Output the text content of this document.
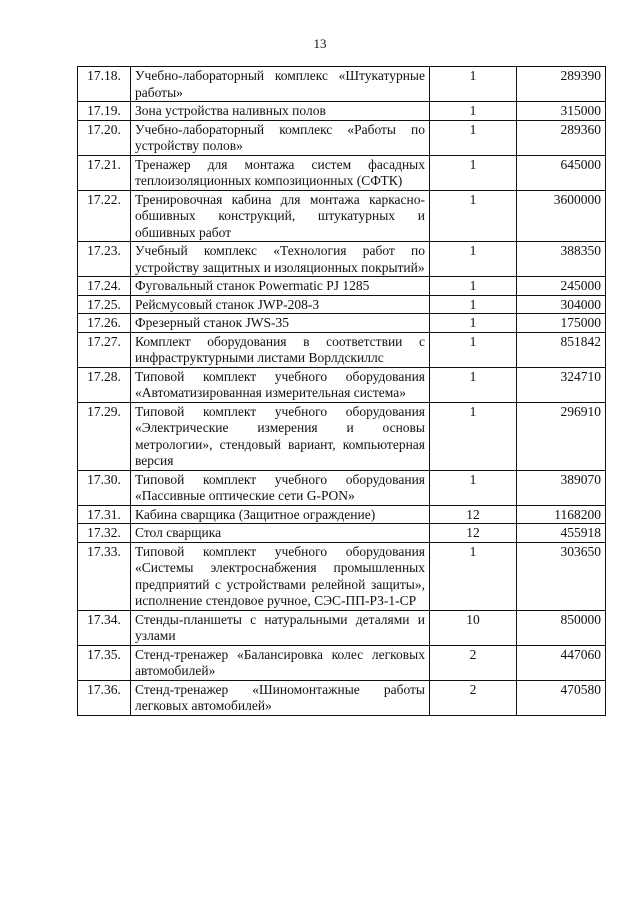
13
17.18.	Учебно-лабораторный комплекс «Штукатурные работы»	1	289390
17.19.	Зона устройства наливных полов	1	315000
17.20.	Учебно-лабораторный комплекс «Работы по устройству полов»	1	289360
17.21.	Тренажер для монтажа систем фасадных теплоизоляционных композиционных (СФТК)	1	645000
17.22.	Тренировочная кабина для монтажа каркасно-обшивных конструкций, штукатурных и обшивных работ	1	3600000
17.23.	Учебный комплекс «Технология работ по устройству защитных и изоляционных покрытий»	1	388350
17.24.	Фуговальный станок Powermatic PJ 1285	1	245000
17.25.	Рейсмусовый станок JWP-208-3	1	304000
17.26.	Фрезерный станок JWS-35	1	175000
17.27.	Комплект оборудования в соответствии с инфраструктурными листами Ворлдскиллс	1	851842
17.28.	Типовой комплект учебного оборудования «Автоматизированная измерительная система»	1	324710
17.29.	Типовой комплект учебного оборудования «Электрические измерения и основы метрологии», стендовый вариант, компьютерная версия	1	296910
17.30.	Типовой комплект учебного оборудования «Пассивные оптические сети G-PON»	1	389070
17.31.	Кабина сварщика (Защитное ограждение)	12	1168200
17.32.	Стол сварщика	12	455918
17.33.	Типовой комплект учебного оборудования «Системы электроснабжения промышленных предприятий с устройствами релейной защиты», исполнение стендовое ручное, СЭС-ПП-РЗ-1-СР	1	303650
17.34.	Стенды-планшеты с натуральными деталями и узлами	10	850000
17.35.	Стенд-тренажер «Балансировка колес легковых автомобилей»	2	447060
17.36.	Стенд-тренажер «Шиномонтажные работы легковых автомобилей»	2	470580
